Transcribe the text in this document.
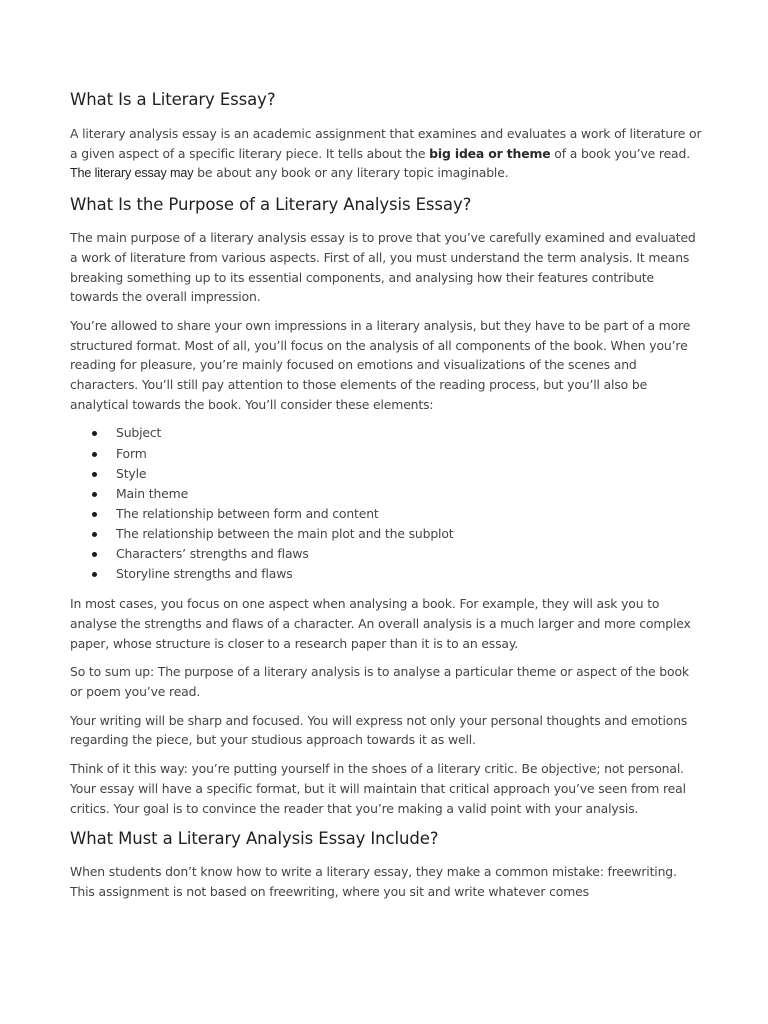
What Is a Literary Essay?

A literary analysis essay is an academic assignment that examines and evaluates a work of literature or a given aspect of a specific literary piece. It tells about the big idea or theme of a book you’ve read. The literary essay may be about any book or any literary topic imaginable.

What Is the Purpose of a Literary Analysis Essay?

The main purpose of a literary analysis essay is to prove that you’ve carefully examined and evaluated a work of literature from various aspects. First of all, you must understand the term analysis. It means breaking something up to its essential components, and analysing how their features contribute towards the overall impression.

You’re allowed to share your own impressions in a literary analysis, but they have to be part of a more structured format. Most of all, you’ll focus on the analysis of all components of the book. When you’re reading for pleasure, you’re mainly focused on emotions and visualizations of the scenes and characters. You’ll still pay attention to those elements of the reading process, but you’ll also be analytical towards the book. You’ll consider these elements:

Subject
Form
Style
Main theme
The relationship between form and content
The relationship between the main plot and the subplot
Characters’ strengths and flaws
Storyline strengths and flaws

In most cases, you focus on one aspect when analysing a book. For example, they will ask you to analyse the strengths and flaws of a character. An overall analysis is a much larger and more complex paper, whose structure is closer to a research paper than it is to an essay.

So to sum up: The purpose of a literary analysis is to analyse a particular theme or aspect of the book or poem you’ve read.

Your writing will be sharp and focused. You will express not only your personal thoughts and emotions regarding the piece, but your studious approach towards it as well.

Think of it this way: you’re putting yourself in the shoes of a literary critic. Be objective; not personal. Your essay will have a specific format, but it will maintain that critical approach you’ve seen from real critics. Your goal is to convince the reader that you’re making a valid point with your analysis.

What Must a Literary Analysis Essay Include?

When students don’t know how to write a literary essay, they make a common mistake: freewriting. This assignment is not based on freewriting, where you sit and write whatever comes
